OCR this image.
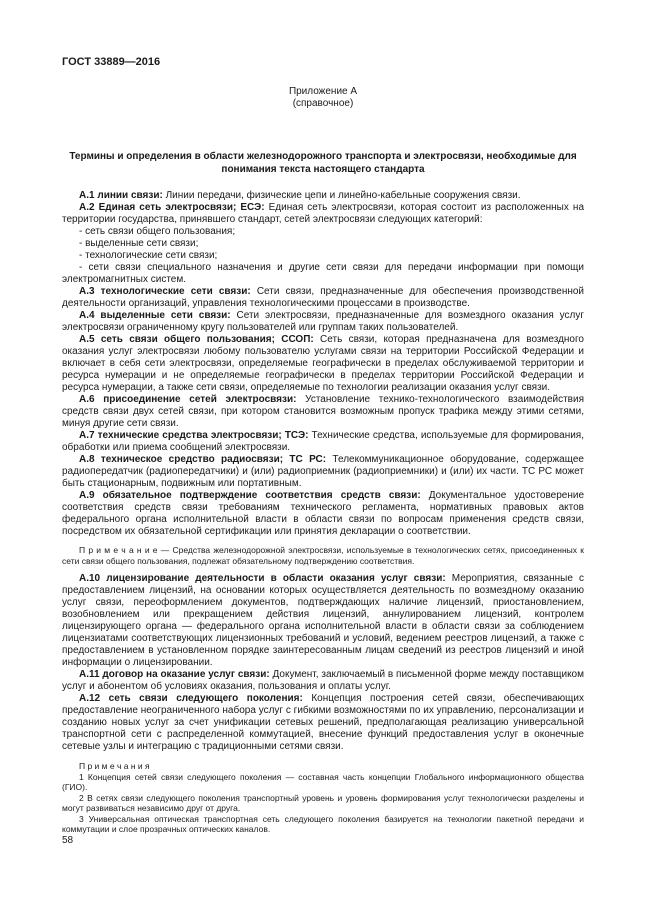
ГОСТ 33889—2016

Приложение А

(справочное)

Термины и определения в области железнодорожного транспорта и электросвязи, необходимые для понимания текста настоящего стандарта

А.1 линии связи: Линии передачи, физические цепи и линейно-кабельные сооружения связи.

А.2 Единая сеть электросвязи; ЕСЭ: Единая сеть электросвязи, которая состоит из расположенных на территории государства, принявшего стандарт, сетей электросвязи следующих категорий:

- сеть связи общего пользования;

- выделенные сети связи;

- технологические сети связи;

- сети связи специального назначения и другие сети связи для передачи информации при помощи электромагнитных систем.

А.3 технологические сети связи: Сети связи, предназначенные для обеспечения производственной деятельности организаций, управления технологическими процессами в производстве.

А.4 выделенные сети связи: Сети электросвязи, предназначенные для возмездного оказания услуг электросвязи ограниченному кругу пользователей или группам таких пользователей.

А.5 сеть связи общего пользования; ССОП: Сеть связи, которая предназначена для возмездного оказания услуг электросвязи любому пользователю услугами связи на территории Российской Федерации и включает в себя сети электросвязи, определяемые географически в пределах обслуживаемой территории и ресурса нумерации и не определяемые географически в пределах территории Российской Федерации и ресурса нумерации, а также сети связи, определяемые по технологии реализации оказания услуг связи.

А.6 присоединение сетей электросвязи: Установление технико-технологического взаимодействия средств связи двух сетей связи, при котором становится возможным пропуск трафика между этими сетями, минуя другие сети связи.

А.7 технические средства электросвязи; ТСЭ: Технические средства, используемые для формирования, обработки или приема сообщений электросвязи.

А.8 техническое средство радиосвязи; ТС РС: Телекоммуникационное оборудование, содержащее радиопередатчик (радиопередатчики) и (или) радиоприемник (радиоприемники) и (или) их части. ТС РС может быть стационарным, подвижным или портативным.

А.9 обязательное подтверждение соответствия средств связи: Документальное удостоверение соответствия средств связи требованиям технического регламента, нормативных правовых актов федерального органа исполнительной власти в области связи по вопросам применения средств связи, посредством их обязательной сертификации или принятия декларации о соответствии.

П р и м е ч а н и е — Средства железнодорожной электросвязи, используемые в технологических сетях, присоединенных к сети связи общего пользования, подлежат обязательному подтверждению соответствия.

А.10 лицензирование деятельности в области оказания услуг связи: Мероприятия, связанные с предоставлением лицензий, на основании которых осуществляется деятельность по возмездному оказанию услуг связи, переоформлением документов, подтверждающих наличие лицензий, приостановлением, возобновлением или прекращением действия лицензий, аннулированием лицензий, контролем лицензирующего органа — федерального органа исполнительной власти в области связи за соблюдением лицензиатами соответствующих лицензионных требований и условий, ведением реестров лицензий, а также с предоставлением в установленном порядке заинтересованным лицам сведений из реестров лицензий и иной информации о лицензировании.

А.11 договор на оказание услуг связи: Документ, заключаемый в письменной форме между поставщиком услуг и абонентом об условиях оказания, пользования и оплаты услуг.

А.12 сеть связи следующего поколения: Концепция построения сетей связи, обеспечивающих предоставление неограниченного набора услуг с гибкими возможностями по их управлению, персонализации и созданию новых услуг за счет унификации сетевых решений, предполагающая реализацию универсальной транспортной сети с распределенной коммутацией, внесение функций предоставления услуг в оконечные сетевые узлы и интеграцию с традиционными сетями связи.

П р и м е ч а н и я

1 Концепция сетей связи следующего поколения — составная часть концепции Глобального информационного общества (ГИО).

2 В сетях связи следующего поколения транспортный уровень и уровень формирования услуг технологически разделены и могут развиваться независимо друг от друга.

3 Универсальная оптическая транспортная сеть следующего поколения базируется на технологии пакетной передачи и коммутации и слое прозрачных оптических каналов.

58
